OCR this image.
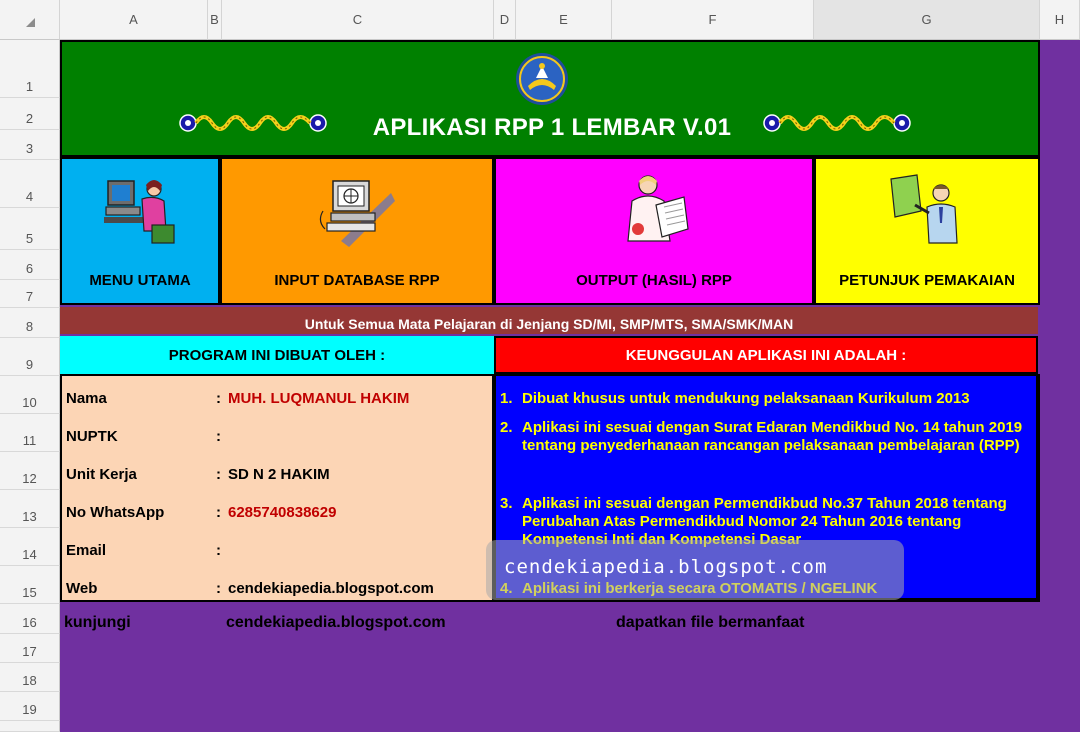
A	B	C	D	E	F	G	H
1
2
3
4
5
6
7
8
9
10
11
12
13
14
15
16
17
18
19
APLIKASI RPP 1 LEMBAR V.01
MENU UTAMA	INPUT DATABASE RPP	OUTPUT (HASIL) RPP	PETUNJUK PEMAKAIAN
Untuk Semua Mata Pelajaran di Jenjang SD/MI, SMP/MTS, SMA/SMK/MAN
PROGRAM INI DIBUAT OLEH :	KEUNGGULAN APLIKASI INI ADALAH :
Nama	: MUH. LUQMANUL HAKIM
NUPTK	:
Unit Kerja	: SD N 2 HAKIM
No WhatsApp	: 6285740838629
Email	:
Web	: cendekiapedia.blogspot.com
1. Dibuat khusus untuk mendukung pelaksanaan Kurikulum 2013
2. Aplikasi ini sesuai dengan Surat Edaran Mendikbud No. 14 tahun 2019 tentang penyederhanaan rancangan pelaksanaan pembelajaran (RPP)
3. Aplikasi ini sesuai dengan Permendikbud No.37 Tahun 2018 tentang Perubahan Atas Permendikbud Nomor 24 Tahun 2016 tentang
cendekiapedia.blogspot.com
kunjungi	cendekiapedia.blogspot.com	dapatkan file bermanfaat
